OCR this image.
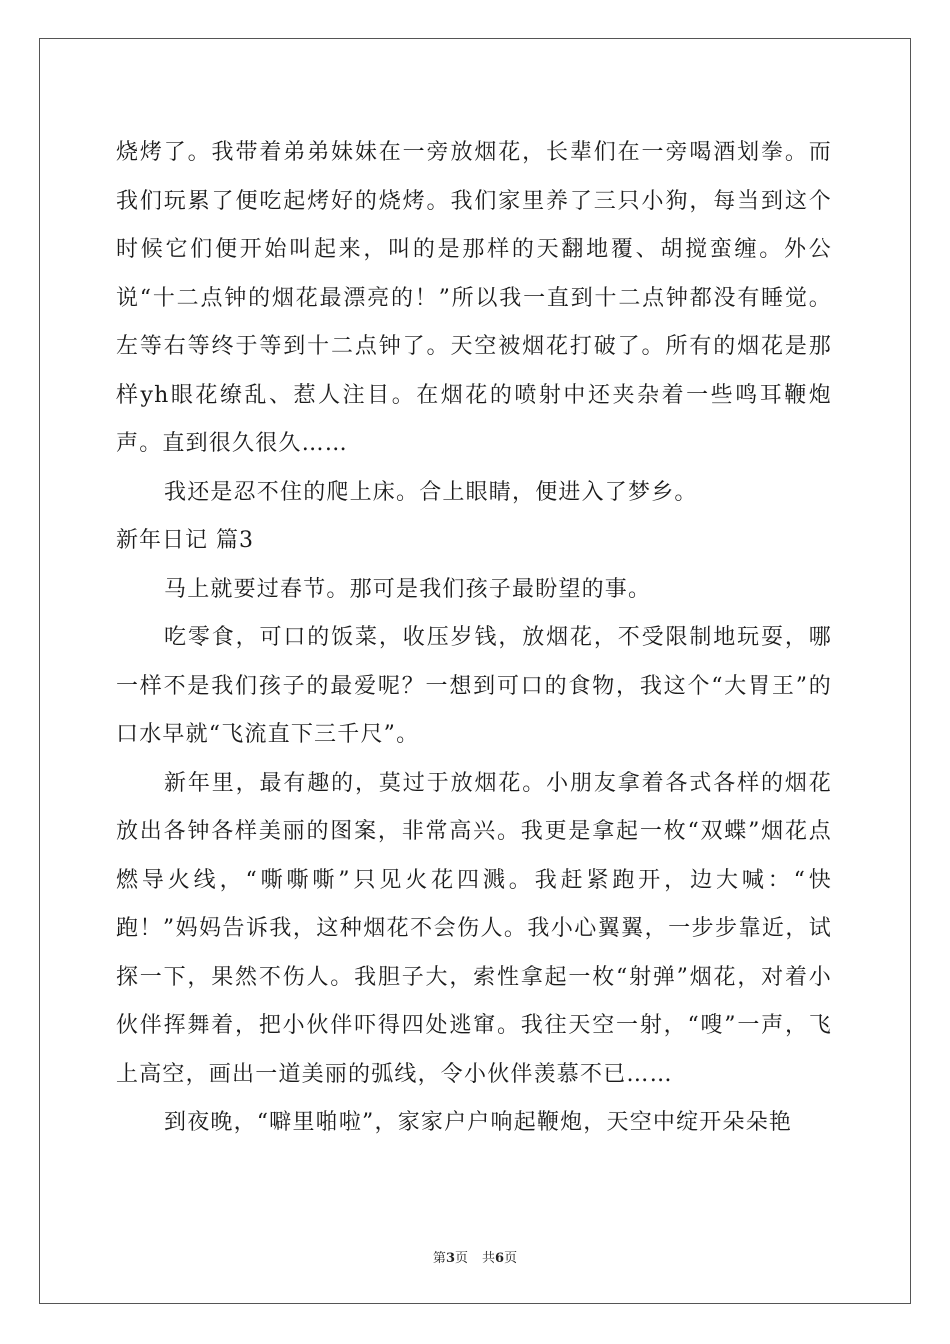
烧烤了。我带着弟弟妹妹在一旁放烟花，长辈们在一旁喝酒划拳。而我们玩累了便吃起烤好的烧烤。我们家里养了三只小狗，每当到这个时候它们便开始叫起来，叫的是那样的天翻地覆、胡搅蛮缠。外公说“十二点钟的烟花最漂亮的！”所以我一直到十二点钟都没有睡觉。左等右等终于等到十二点钟了。天空被烟花打破了。所有的烟花是那样yh眼花缭乱、惹人注目。在烟花的喷射中还夹杂着一些鸣耳鞭炮声。直到很久很久……

我还是忍不住的爬上床。合上眼睛，便进入了梦乡。

新年日记 篇3

马上就要过春节。那可是我们孩子最盼望的事。

吃零食，可口的饭菜，收压岁钱，放烟花，不受限制地玩耍，哪一样不是我们孩子的最爱呢？一想到可口的食物，我这个“大胃王”的口水早就“飞流直下三千尺”。

新年里，最有趣的，莫过于放烟花。小朋友拿着各式各样的烟花放出各钟各样美丽的图案，非常高兴。我更是拿起一枚“双蝶”烟花点燃导火线，“嘶嘶嘶”只见火花四溅。我赶紧跑开，边大喊：“快跑！”妈妈告诉我，这种烟花不会伤人。我小心翼翼，一步步靠近，试探一下，果然不伤人。我胆子大，索性拿起一枚“射弹”烟花，对着小伙伴挥舞着，把小伙伴吓得四处逃窜。我往天空一射，“嗖”一声，飞上高空，画出一道美丽的弧线，令小伙伴羡慕不已……

到夜晚，“噼里啪啦”，家家户户响起鞭炮，天空中绽开朵朵艳

第3页 共6页
